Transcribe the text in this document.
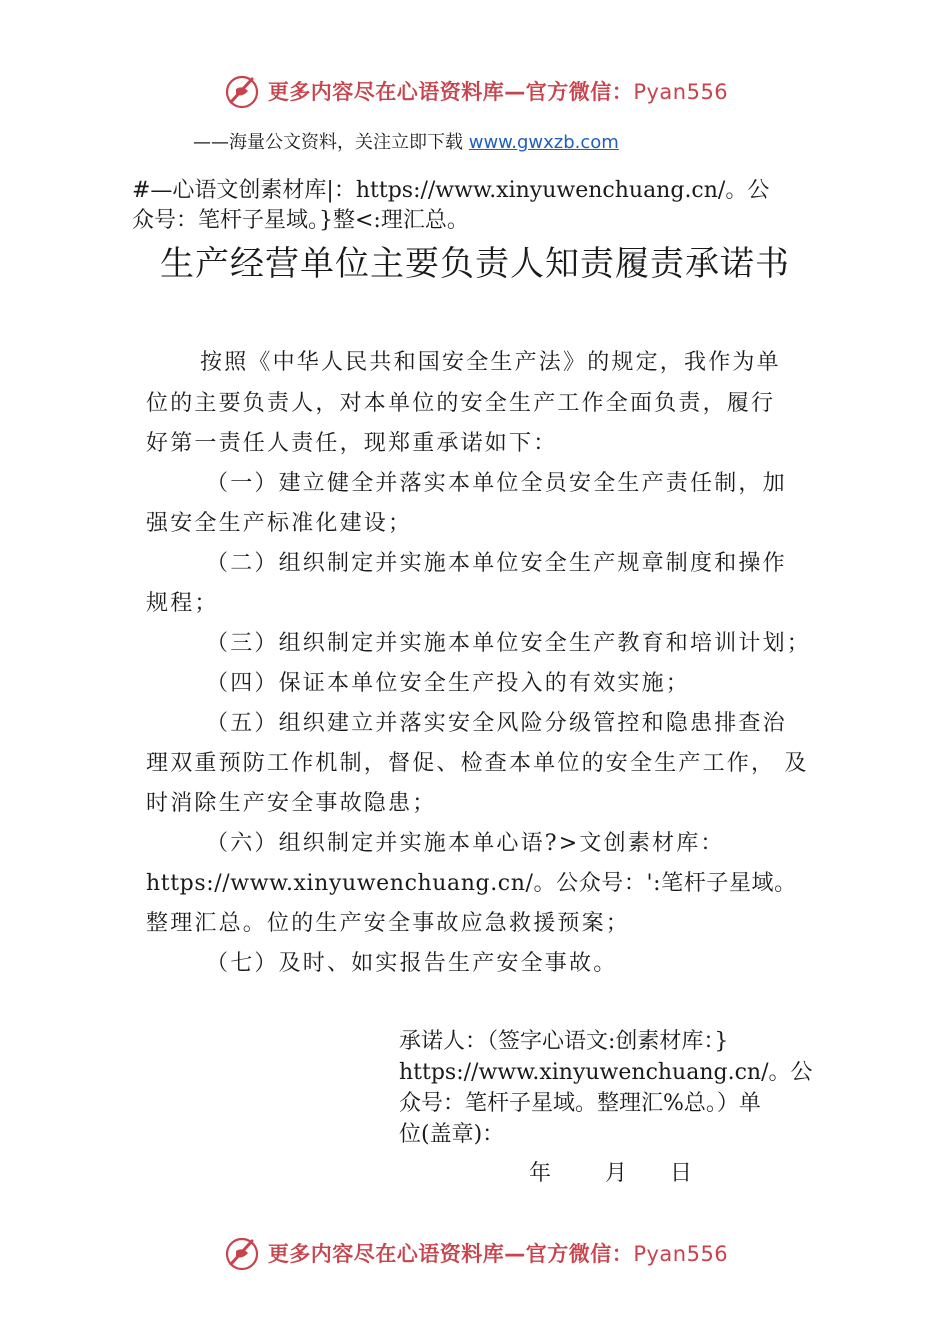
更多内容尽在心语资料库—官方微信：Pyan556
——海量公文资料，关注立即下载 www.gwxzb.com
#—心语文创素材库|：https://www.xinyuwenchuang.cn/。公
众号：笔杆子星域。}整<:理汇总。
生产经营单位主要负责人知责履责承诺书
按照《中华人民共和国安全生产法》的规定，我作为单
位的主要负责人，对本单位的安全生产工作全面负责，履行
好第一责任人责任，现郑重承诺如下：
（一）建立健全并落实本单位全员安全生产责任制，加
强安全生产标准化建设；
（二）组织制定并实施本单位安全生产规章制度和操作
规程；
（三）组织制定并实施本单位安全生产教育和培训计划；
（四）保证本单位安全生产投入的有效实施；
（五）组织建立并落实安全风险分级管控和隐患排查治
理双重预防工作机制，督促、检查本单位的安全生产工作， 及
时消除生产安全事故隐患；
（六）组织制定并实施本单心语?>文创素材库：
https://www.xinyuwenchuang.cn/。公众号：':笔杆子星域。
整理汇总。位的生产安全事故应急救援预案；
（七）及时、如实报告生产安全事故。
承诺人：（签字心语文:创素材库：}
https://www.xinyuwenchuang.cn/。公
众号：笔杆子星域。整理汇%总。）单
位(盖章)：
年 月 日
更多内容尽在心语资料库—官方微信：Pyan556
